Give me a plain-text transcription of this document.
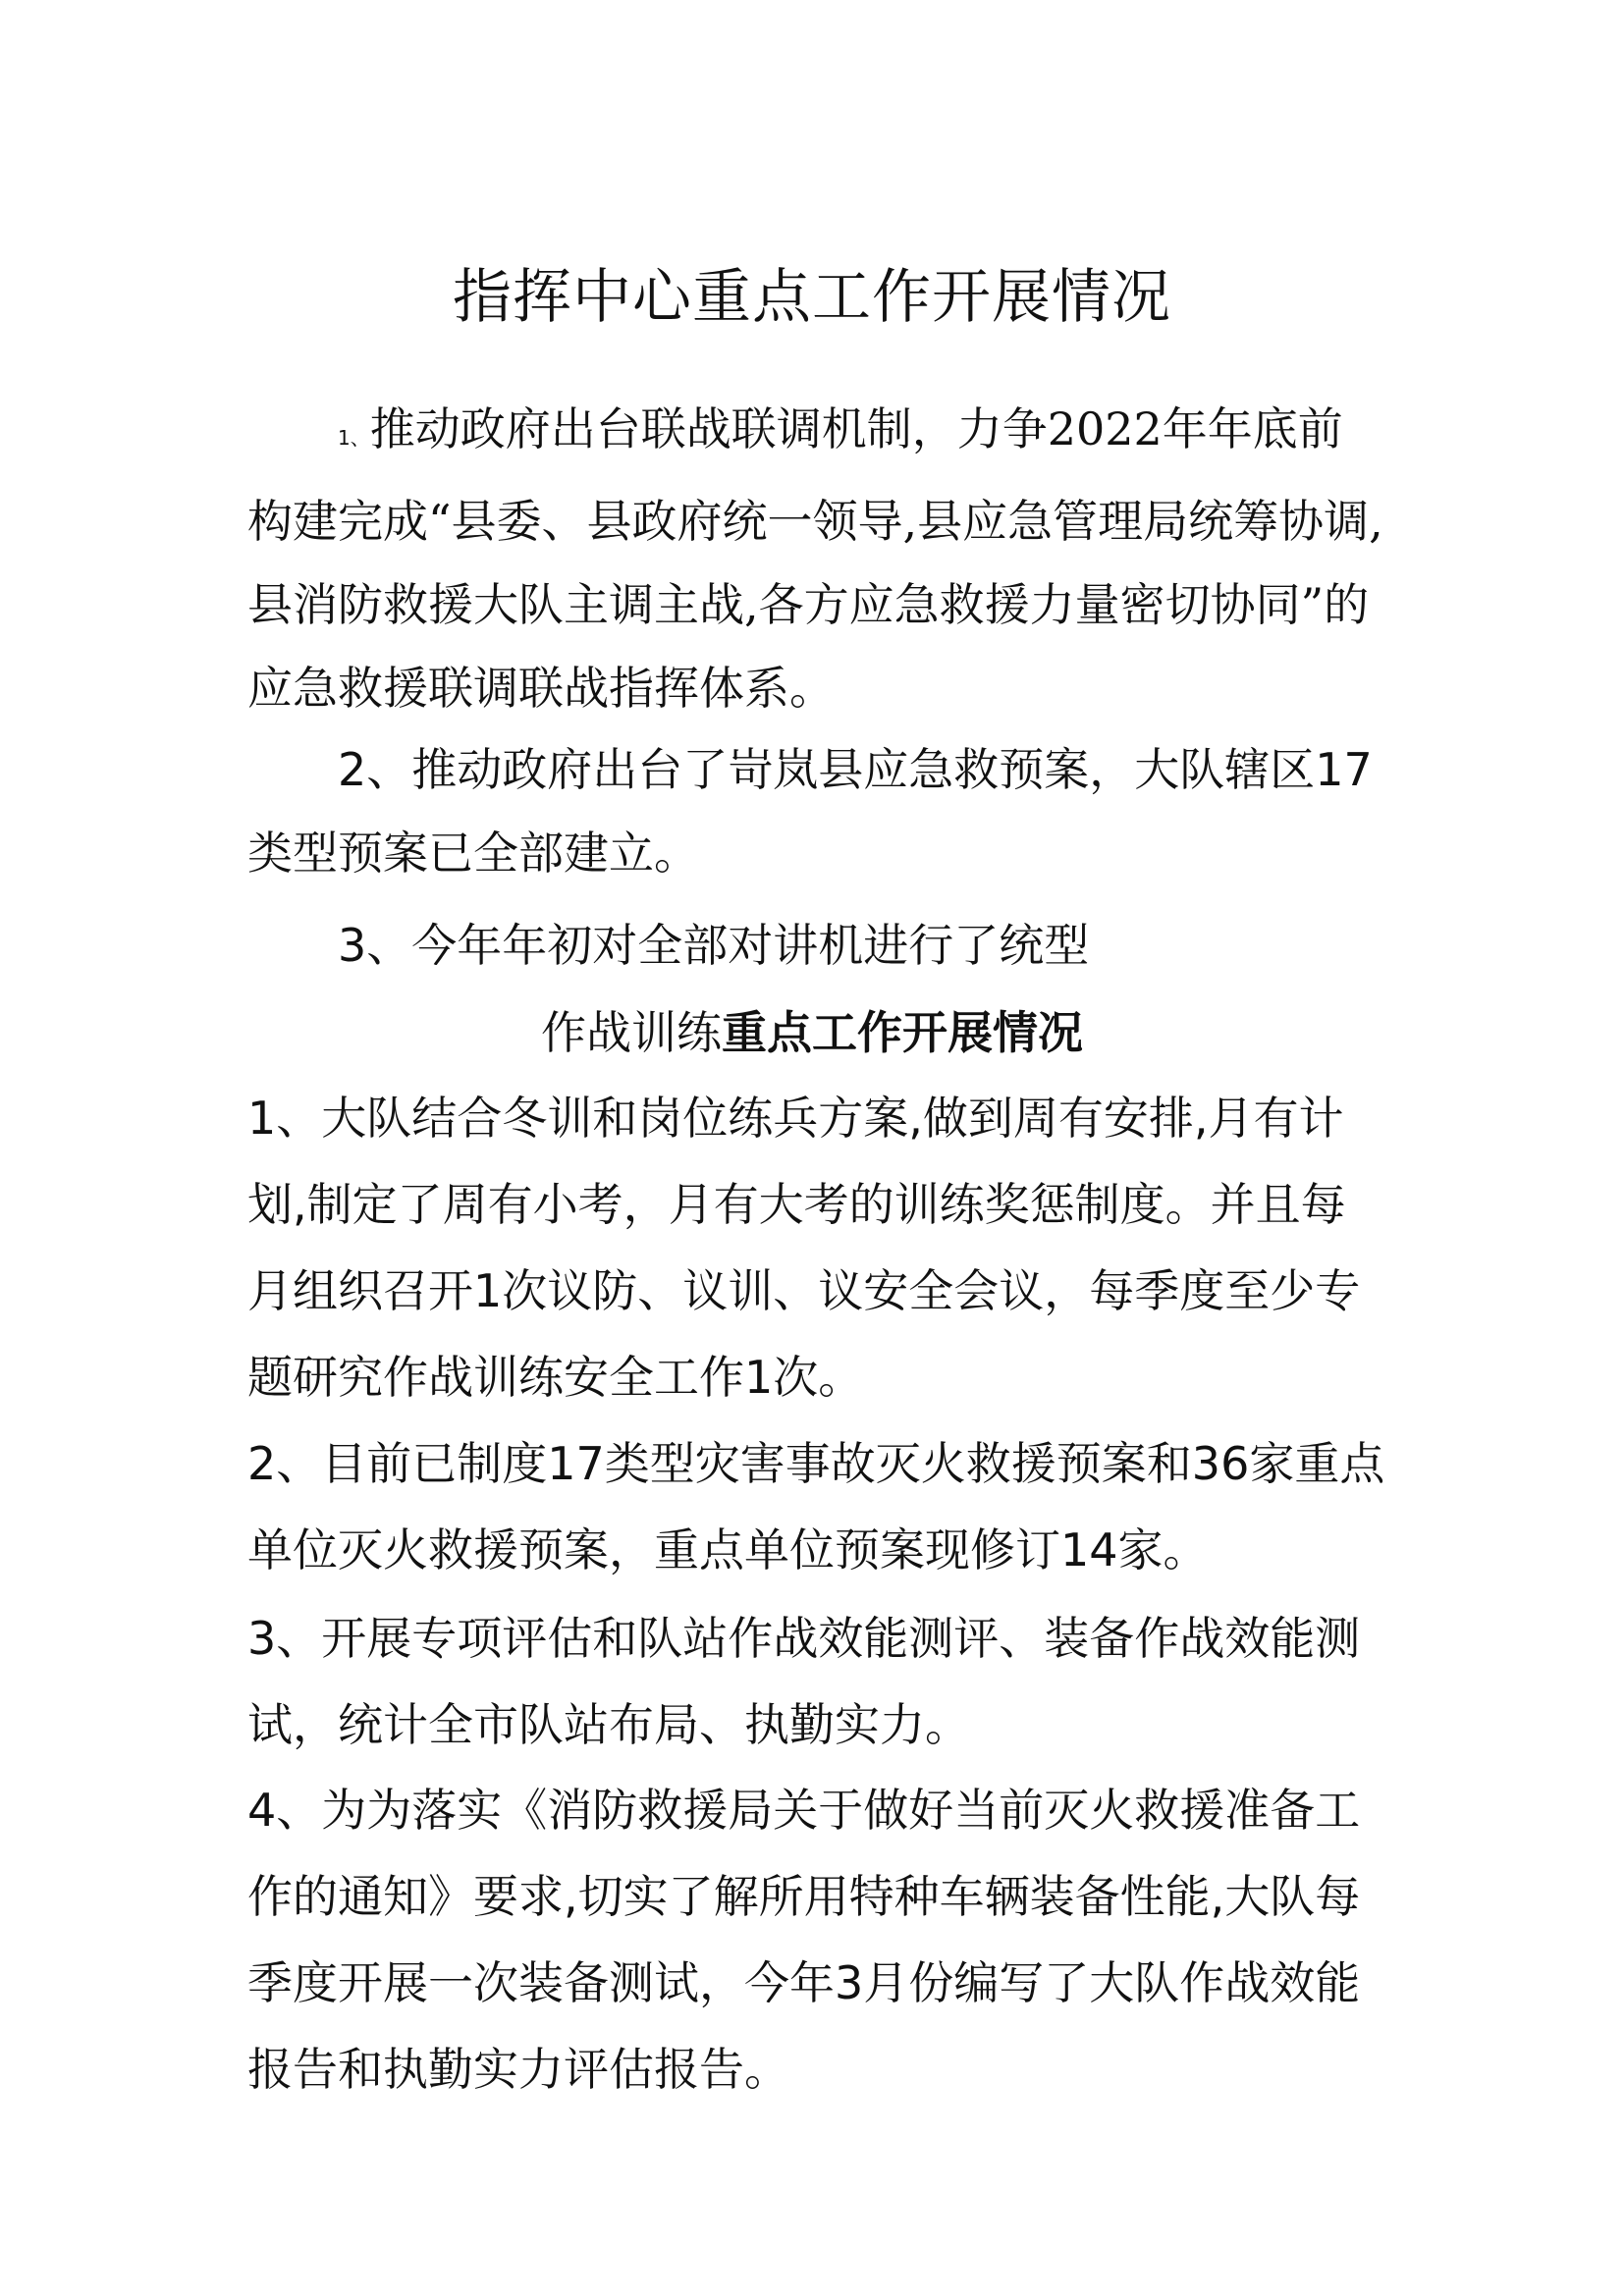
指挥中心重点工作开展情况

1、推动政府出台联战联调机制，力争2022年年底前构建完成“县委、县政府统一领导,县应急管理局统筹协调,县消防救援大队主调主战,各方应急救援力量密切协同”的应急救援联调联战指挥体系。

2、推动政府出台了岢岚县应急救预案，大队辖区17类型预案已全部建立。

3、今年年初对全部对讲机进行了统型

作战训练重点工作开展情况

1、大队结合冬训和岗位练兵方案,做到周有安排,月有计划,制定了周有小考，月有大考的训练奖惩制度。并且每月组织召开1次议防、议训、议安全会议，每季度至少专题研究作战训练安全工作1次。

2、目前已制度17类型灾害事故灭火救援预案和36家重点单位灭火救援预案，重点单位预案现修订14家。

3、开展专项评估和队站作战效能测评、装备作战效能测试，统计全市队站布局、执勤实力。

4、为为落实《消防救援局关于做好当前灭火救援准备工作的通知》要求,切实了解所用特种车辆装备性能,大队每季度开展一次装备测试，今年3月份编写了大队作战效能报告和执勤实力评估报告。
